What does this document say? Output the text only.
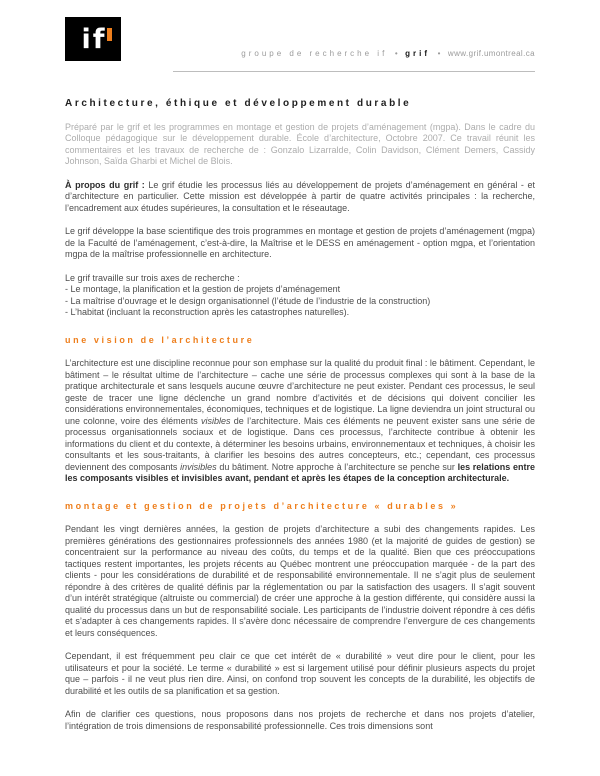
i f	groupe de recherche if • grif • www.grif.umontreal.ca
Architecture, éthique et développement durable

Préparé par le grif et les programmes en montage et gestion de projets d’aménagement (mgpa). Dans le cadre du Colloque pédagogique sur le développement durable. École d’architecture, Octobre 2007. Ce travail réunit les commentaires et les travaux de recherche de : Gonzalo Lizarralde, Colin Davidson, Clément Demers, Cassidy Johnson, Saïda Gharbi et Michel de Blois.

À propos du grif : Le grif étudie les processus liés au développement de projets d’aménagement en général - et d’architecture en particulier. Cette mission est développée à partir de quatre activités principales : la recherche, l’encadrement aux études supérieures, la consultation et le réseautage.

Le grif développe la base scientifique des trois programmes en montage et gestion de projets d’aménagement (mgpa) de la Faculté de l’aménagement, c’est-à-dire, la Maîtrise et le DESS en aménagement - option mgpa, et l’orientation mgpa de la maîtrise professionnelle en architecture.

Le grif travaille sur trois axes de recherche :
- Le montage, la planification et la gestion de projets d’aménagement
- La maîtrise d’ouvrage et le design organisationnel (l’étude de l’industrie de la construction)
- L’habitat (incluant la reconstruction après les catastrophes naturelles).
une vision de l’architecture

L’architecture est une discipline reconnue pour son emphase sur la qualité du produit final : le bâtiment. Cependant, le bâtiment – le résultat ultime de l’architecture – cache une série de processus complexes qui sont à la base de la pratique architecturale et sans lesquels aucune œuvre d’architecture ne peut exister. Pendant ces processus, le seul geste de tracer une ligne déclenche un grand nombre d’activités et de décisions qui doivent concilier les considérations environnementales, économiques, techniques et de logistique. La ligne deviendra un joint structural ou une colonne, voire des éléments visibles de l’architecture. Mais ces éléments ne peuvent exister sans une série de processus organisationnels sociaux et de logistique. Dans ces processus, l’architecte contribue à obtenir les informations du client et du contexte, à déterminer les besoins urbains, environnementaux et techniques, à choisir les consultants et les sous-traitants, à clarifier les besoins des autres concepteurs, etc.; cependant, ces processus deviennent des composants invisibles du bâtiment. Notre approche à l’architecture se penche sur les relations entre les composants visibles et invisibles avant, pendant et après les étapes de la conception architecturale.

montage et gestion de projets d’architecture « durables »

Pendant les vingt dernières années, la gestion de projets d’architecture a subi des changements rapides. Les premières générations des gestionnaires professionnels des années 1980 (et la majorité de guides de gestion) se concentraient sur la performance au niveau des coûts, du temps et de la qualité. Bien que ces préoccupations tactiques restent importantes, les projets récents au Québec montrent une préoccupation marquée - de la part des clients - pour les considérations de durabilité et de responsabilité environnementale. Il ne s’agit plus de seulement répondre à des critères de qualité définis par la réglementation ou par la satisfaction des usagers. Il s’agit souvent d’un intérêt stratégique (altruiste ou commercial) de créer une approche à la gestion différente, qui considère aussi la qualité du processus dans un but de responsabilité sociale. Les participants de l’industrie doivent répondre à ces défis et s’adapter à ces changements rapides. Il s’avère donc nécessaire de comprendre l’envergure de ces changements et leurs conséquences.

Cependant, il est fréquemment peu clair ce que cet intérêt de « durabilité » veut dire pour le client, pour les utilisateurs et pour la société. Le terme « durabilité » est si largement utilisé pour définir plusieurs aspects du projet que – parfois - il ne veut plus rien dire. Ainsi, on confond trop souvent les concepts de la durabilité, les objectifs de durabilité et les outils de sa planification et sa gestion.

Afin de clarifier ces questions, nous proposons dans nos projets de recherche et dans nos projets d’atelier, l’intégration de trois dimensions de responsabilité professionnelle. Ces trois dimensions sont
